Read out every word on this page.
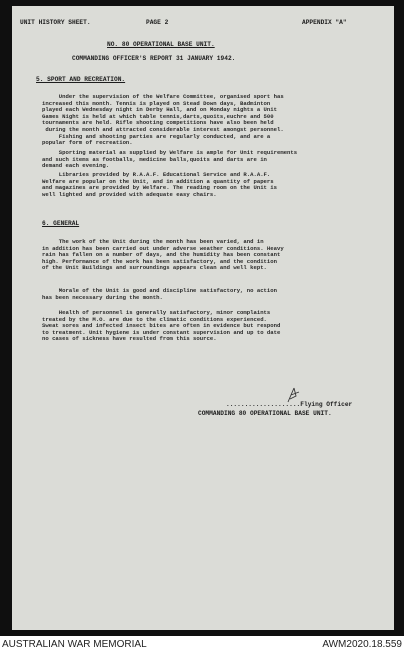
UNIT HISTORY SHEET.	PAGE 2	APPENDIX "A"
NO. 80 OPERATIONAL BASE UNIT.
COMMANDING OFFICER'S REPORT 31 JANUARY 1942.
5. SPORT AND RECREATION.
Under the supervision of the Welfare Committee, organised sport has
increased this month. Tennis is played on Stead Down days, Badminton
played each Wednesday night in Derby Hall, and on Monday nights a Unit
Games Night is held at which table tennis,darts,quoits,euchre and 500
tournaments are held. Rifle shooting competitions have also been held
during the month and attracted considerable interest amongst personnel.
Fishing and shooting parties are regularly conducted, and are a
popular form of recreation.
Sporting material as supplied by Welfare is ample for Unit requirements
and such items as footballs, medicine balls,quoits and darts are in
demand each evening.
Libraries provided by R.A.A.F. Educational Service and R.A.A.F.
Welfare are popular on the Unit, and in addition a quantity of papers
and magazines are provided by Welfare. The reading room on the Unit is
well lighted and provided with adequate easy chairs.
6. GENERAL
The work of the Unit during the month has been varied, and in
in addition has been carried out under adverse weather conditions. Heavy
rain has fallen on a number of days, and the humidity has been constant
high. Performance of the work has been satisfactory, and the condition
of the Unit Buildings and surroundings appears clean and well kept.
Morale of the Unit is good and discipline satisfactory, no action
has been necessary during the month.
Health of personnel is generally satisfactory, minor complaints
treated by the M.O. are due to the climatic conditions experienced.
Sweat sores and infected insect bites are often in evidence but respond
to treatment. Unit hygiene is under constant supervision and up to date
no cases of sickness have resulted from this source.
....................Flying Officer
COMMANDING 80 OPERATIONAL BASE UNIT.
AUSTRALIAN WAR MEMORIAL	AWM2020.18.559
